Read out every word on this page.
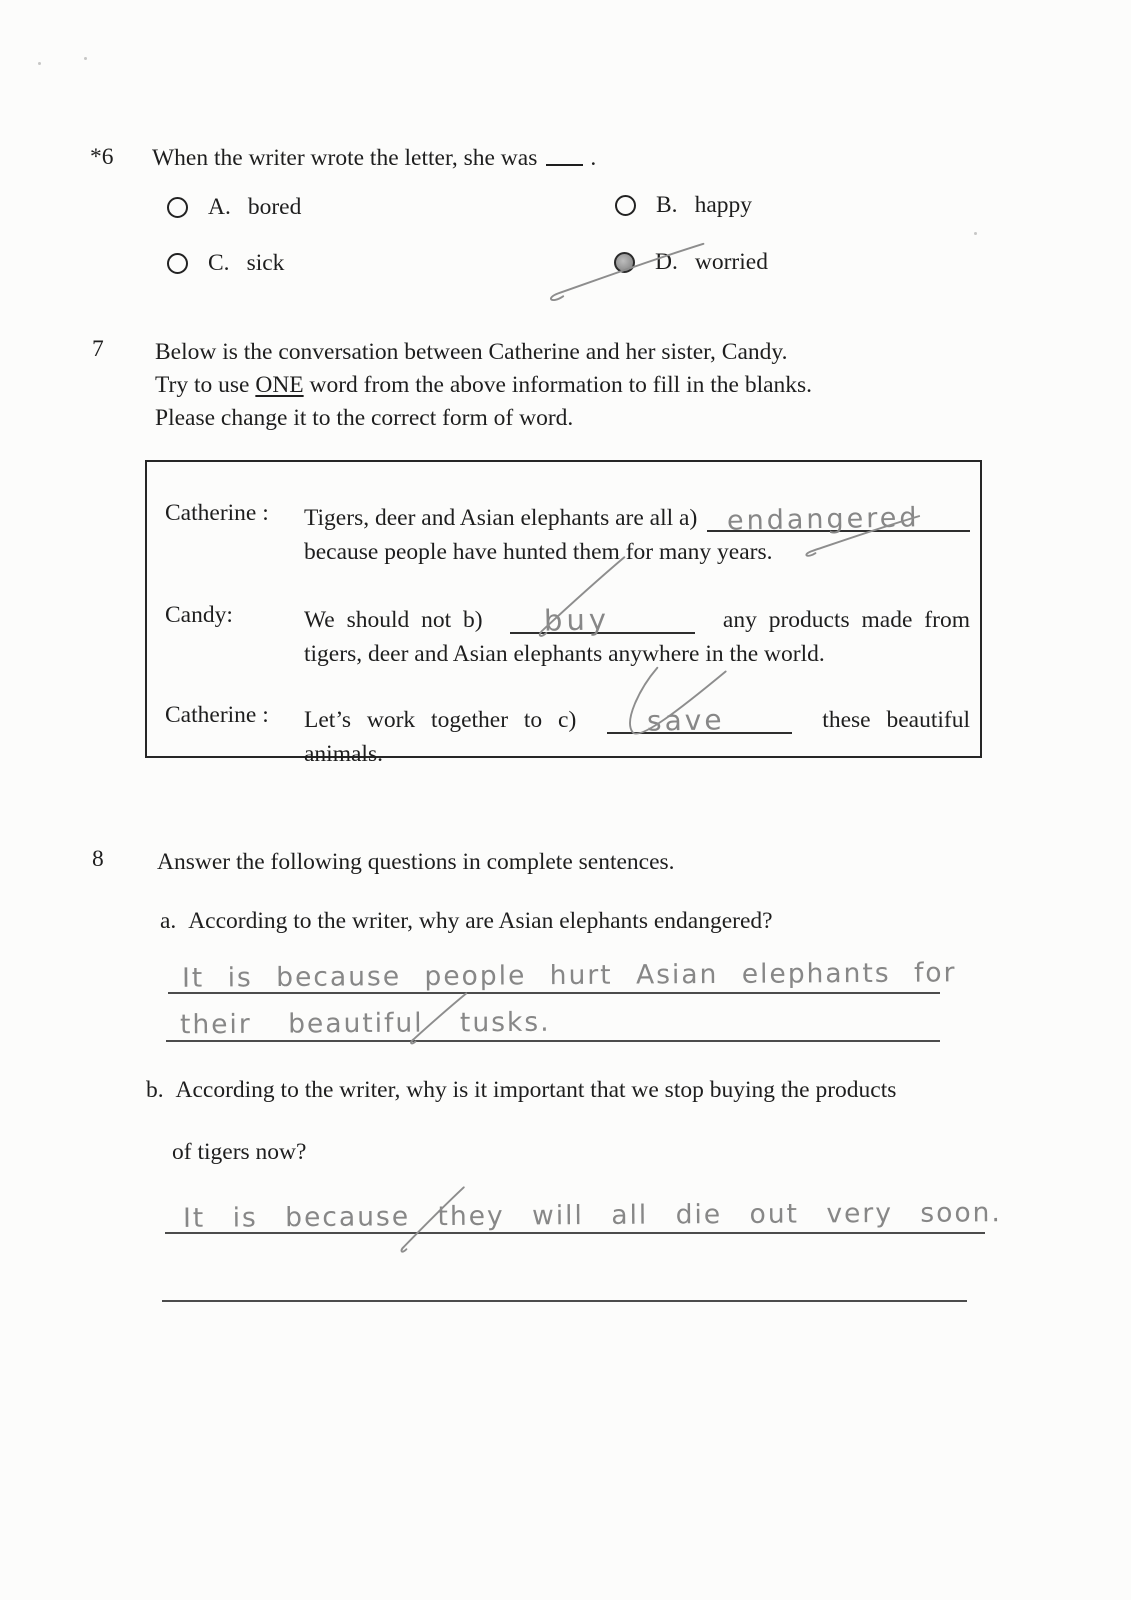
*6 When the writer wrote the letter, she was .
A. bored	B. happy
C. sick	D. worried
7 Below is the conversation between Catherine and her sister, Candy.
Try to use ONE word from the above information to fill in the blanks.
Please change it to the correct form of word.
Catherine : Tigers, deer and Asian elephants are all a) endangered
because people have hunted them for many years.
Candy:	We should not b) buy	any products made from
tigers, deer and Asian elephants anywhere in the world.
Catherine : Let’s work together to c)	save	these beautiful
animals.
8 Answer the following questions in complete sentences.
a. According to the writer, why are Asian elephants endangered?
It is because people hurt Asian elephants for
their beautiful tusks.
b. According to the writer, why is it important that we stop buying the products
of tigers now?
It is because they will all die out very soon.
